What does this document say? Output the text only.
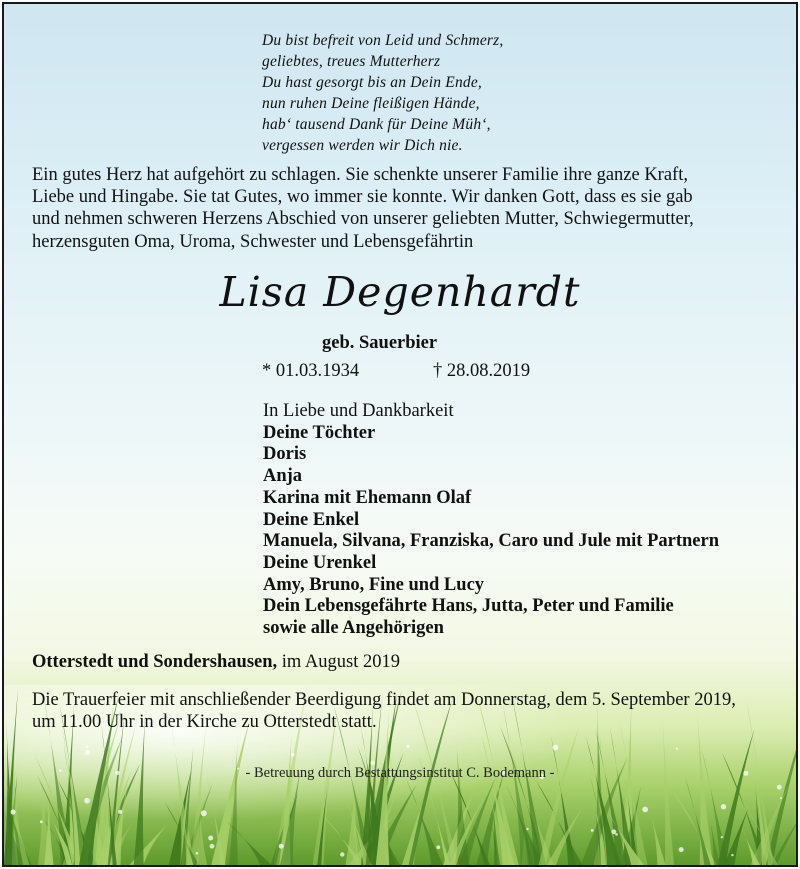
Du bist befreit von Leid und Schmerz,
geliebtes, treues Mutterherz
Du hast gesorgt bis an Dein Ende,
nun ruhen Deine fleißigen Hände,
hab‘ tausend Dank für Deine Müh‘,
vergessen werden wir Dich nie.
Ein gutes Herz hat aufgehört zu schlagen. Sie schenkte unserer Familie ihre ganze Kraft,
Liebe und Hingabe. Sie tat Gutes, wo immer sie konnte. Wir danken Gott, dass es sie gab
und nehmen schweren Herzens Abschied von unserer geliebten Mutter, Schwiegermutter,
herzensguten Oma, Uroma, Schwester und Lebensgefährtin
Lisa Degenhardt
geb. Sauerbier
* 01.03.1934	† 28.08.2019
In Liebe und Dankbarkeit
Deine Töchter
Doris
Anja
Karina mit Ehemann Olaf
Deine Enkel
Manuela, Silvana, Franziska, Caro und Jule mit Partnern
Deine Urenkel
Amy, Bruno, Fine und Lucy
Dein Lebensgefährte Hans, Jutta, Peter und Familie
sowie alle Angehörigen
Otterstedt und Sondershausen, im August 2019
Die Trauerfeier mit anschließender Beerdigung findet am Donnerstag, dem 5. September 2019,
um 11.00 Uhr in der Kirche zu Otterstedt statt.
- Betreuung durch Bestattungsinstitut C. Bodemann -
